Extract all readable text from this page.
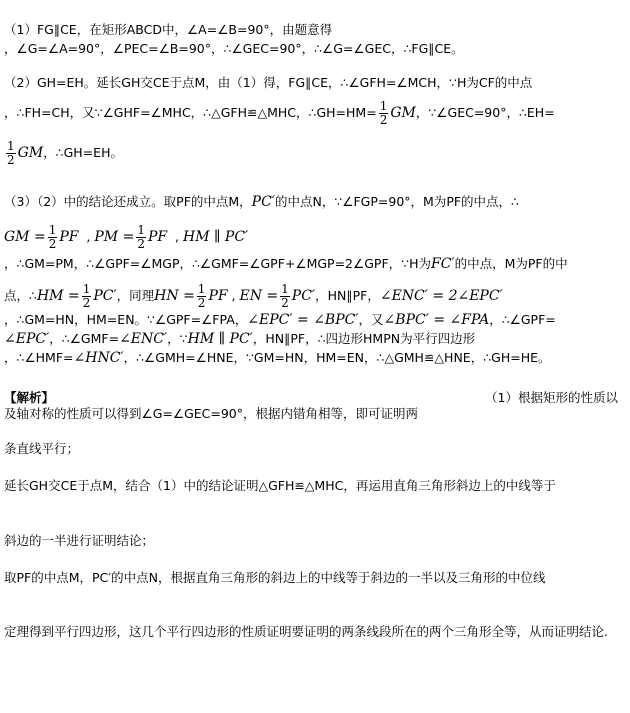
（1）FG∥CE，在矩形ABCD中，∠A=∠B=90°，由题意得
，∠G=∠A=90°，∠PEC=∠B=90°，∴∠GEC=90°，∴∠G=∠GEC，∴FG∥CE。
（2）GH=EH。延长GH交CE于点M，由（1）得，FG∥CE，∴∠GFH=∠MCH，∵H为CF的中点
，∴FH=CH，又∵∠GHF=∠MHC，∴△GFH≌△MHC，∴GH=HM= $\frac{1}{2}$ GM，∵∠GEC=90°，∴EH=
$\frac{1}{2}$ GM，∴GH=EH。
（3）（2）中的结论还成立。取PF的中点M，PC′的中点N，∵∠FGP=90°，M为PF的中点，∴
GM = $\frac{1}{2}$ PF  , PM = $\frac{1}{2}$ PF  , HM ∥ PC′
，∴GM=PM，∴∠GPF=∠MGP，∴∠GMF=∠GPF+∠MGP=2∠GPF，∵H为FC′的中点，M为PF的中
点，∴HM = $\frac{1}{2} PC'$，同理HN = $\frac{1}{2}$ PF , EN = $\frac{1}{2} PC'$，HN∥PF，∠ENC′ = 2∠EPC′
，∴GM=HN，HM=EN。∵∠GPF=∠FPA，∠EPC′ = ∠BPC′，又∠BPC′ = ∠FPA，∴∠GPF=
∠EPC′，∴∠GMF=∠ENC′，∵HM ∥ PC′，HN∥PF，∴四边形HMPN为平行四边形
，∴∠HMF=∠HNC′，∴∠GMH=∠HNE，∵GM=HN，HM=EN，∴△GMH≌△HNE，∴GH=HE。
【解析】	（1）根据矩形的性质以
及轴对称的性质可以得到∠G=∠GEC=90°，根据内错角相等，即可证明两
条直线平行；
延长GH交CE于点M，结合（1）中的结论证明△GFH≌△MHC，再运用直角三角形斜边上的中线等于
斜边的一半进行证明结论；
取PF的中点M，PC′的中点N，根据直角三角形的斜边上的中线等于斜边的一半以及三角形的中位线
定理得到平行四边形，这几个平行四边形的性质证明要证明的两条线段所在的两个三角形全等，从而证明结论.
